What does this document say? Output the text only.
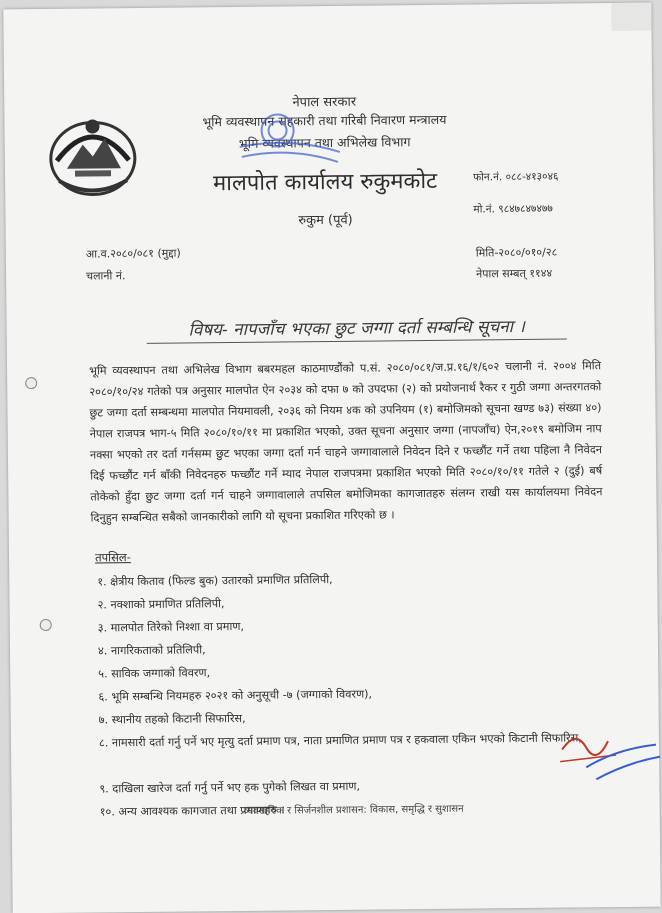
नेपाल सरकार
भूमि व्यवस्थापन सहकारी तथा गरिबी निवारण मन्त्रालय
भूमि व्यवस्थापन तथा अभिलेख विभाग
मालपोत कार्यालय रुकुमकोट
रुकुम (पूर्व)
फोन.नं. ०८८-४१३०४६
मो.नं. ९८४७८४७४७७
आ.व.२०८०/०८१ (मुद्दा)
चलानी नं.
मिति-२०८०/०१०/२८
नेपाल सम्बत् ११४४
विषय- नापजाँच भएका छुट जग्गा दर्ता सम्बन्धि सूचना ।
भूमि व्यवस्थापन तथा अभिलेख विभाग बबरमहल काठमाण्डौंको प.सं. २०८०/०८१/ज.प्र.१६/१/६०२ चलानी नं. २००४ मिति २०८०/१०/२४ गतेको पत्र अनुसार मालपोत ऐन २०३४ को दफा ७ को उपदफा (२) को प्रयोजनार्थ रैकर र गुठी जग्गा अन्तरगतको छुट जग्गा दर्ता सम्बन्धमा मालपोत नियमावली, २०३६ को नियम ४क को उपनियम (१) बमोजिमको सूचना खण्ड ७३) संख्या ४०) नेपाल राजपत्र भाग-५ मिति २०८०/१०/११ मा प्रकाशित भएको, उक्त सूचना अनुसार जग्गा (नापजाँच) ऐन,२०१९ बमोजिम नाप नक्सा भएको तर दर्ता गर्नसम्म छुट भएका जग्गा दर्ता गर्न चाहने जग्गावालाले निवेदन दिने र फच्छौंट गर्ने तथा पहिला नै निवेदन दिई फच्छौंट गर्न बाँकी निवेदनहरु फच्छौंट गर्ने म्याद नेपाल राजपत्रमा प्रकाशित भएको मिति २०८०/१०/११ गतेले २ (दुई) बर्ष तोकेको हुँदा छुट जग्गा दर्ता गर्न चाहने जग्गावालाले तपसिल बमोजिमका कागजातहरु संलग्न राखी यस कार्यालयमा निवेदन दिनुहुन सम्बन्धित सबैको जानकारीको लागि यो सूचना प्रकाशित गरिएको छ ।
तपसिल-
१. क्षेत्रीय किताव (फिल्ड बुक) उतारको प्रमाणित प्रतिलिपी,
२. नक्शाको प्रमाणित प्रतिलिपी,
३. मालपोत तिरेको निश्शा वा प्रमाण,
४. नागरिकताको प्रतिलिपी,
५. साविक जग्गाको विवरण,
६. भूमि सम्बन्धि नियमहरु २०२१ को अनुसूची -७ (जग्गाको विवरण),
७. स्थानीय तहको किटानी सिफारिस,
८. नामसारी दर्ता गर्नु पर्ने भए मृत्यु दर्ता प्रमाण पत्र, नाता प्रमाणित प्रमाण पत्र र हकवाला एकिन भएको किटानी सिफारिस,
९. दाखिला खारेज दर्ता गर्नु पर्ने भए हक पुगेको लिखत वा प्रमाण,
१०. अन्य आवश्यक कागजात तथा प्रमाणहरु ।
व्यवसायिक र सिर्जनशील प्रशासन: विकास, समृद्धि र सुशासन
